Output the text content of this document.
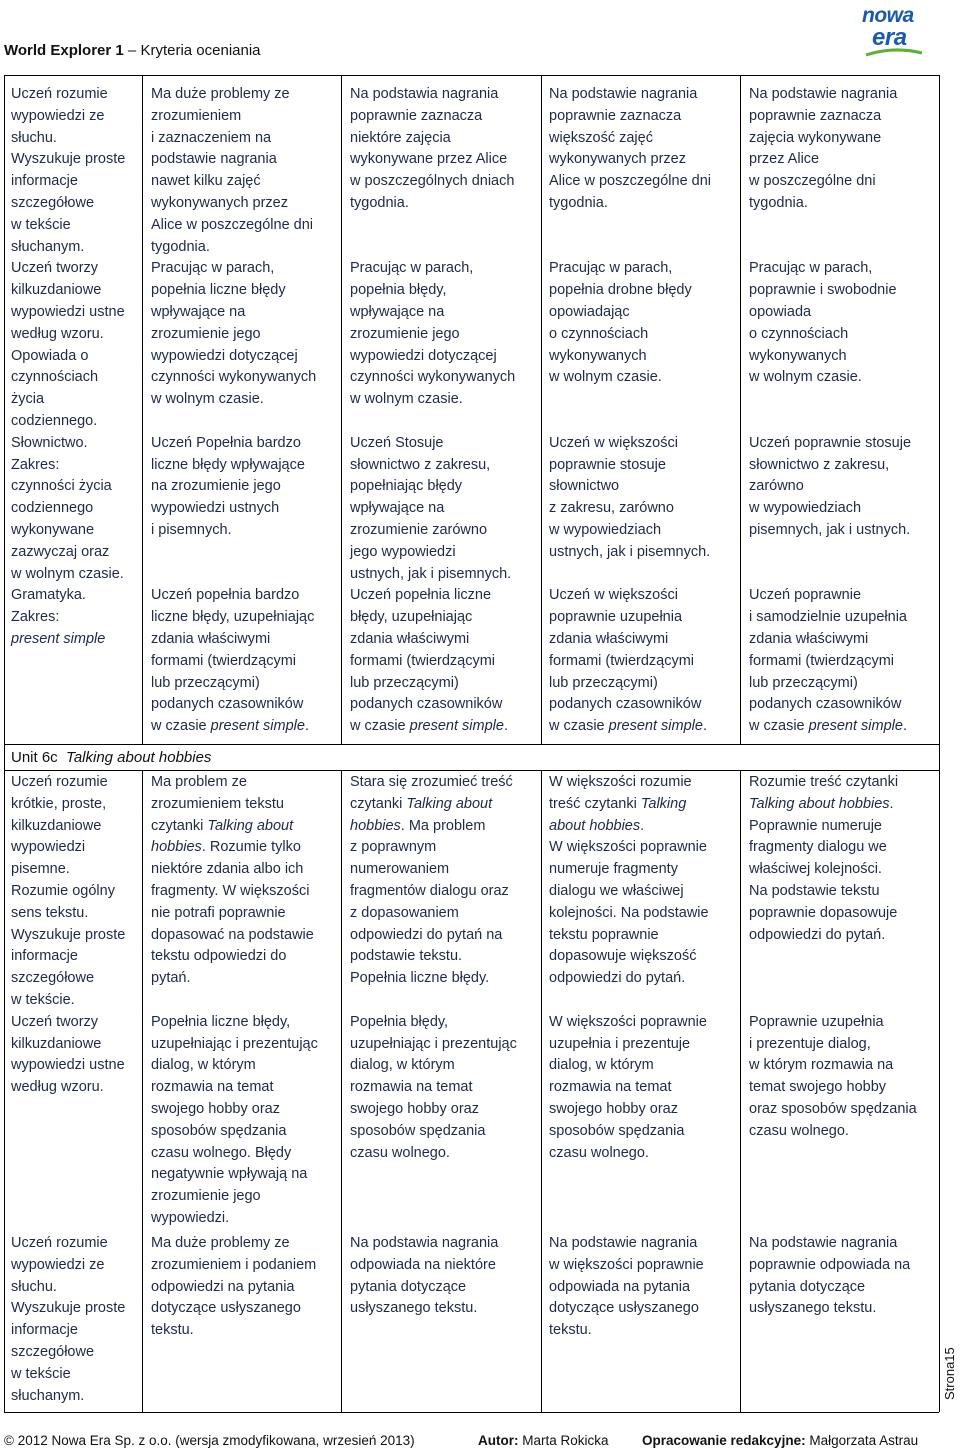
World Explorer 1 – Kryteria oceniania
nowa
era
Uczeń rozumie
wypowiedzi ze
słuchu.
Wyszukuje proste
informacje
szczegółowe
w tekście
słuchanym.
Uczeń tworzy
kilkuzdaniowe
wypowiedzi ustne
według wzoru.
Opowiada o
czynnościach
życia
codziennego.
Słownictwo.
Zakres:
czynności życia
codziennego
wykonywane
zazwyczaj oraz
w wolnym czasie.
Gramatyka.
Zakres:
present simple
Ma duże problemy ze
zrozumieniem
i zaznaczeniem na
podstawie nagrania
nawet kilku zajęć
wykonywanych przez
Alice w poszczególne dni
tygodnia.
Pracując w parach,
popełnia liczne błędy
wpływające na
zrozumienie jego
wypowiedzi dotyczącej
czynności wykonywanych
w wolnym czasie.

Uczeń Popełnia bardzo
liczne błędy wpływające
na zrozumienie jego
wypowiedzi ustnych
i pisemnych.

Uczeń popełnia bardzo
liczne błędy, uzupełniając
zdania właściwymi
formami (twierdzącymi
lub przeczącymi)
podanych czasowników
w czasie present simple.
Na podstawia nagrania
poprawnie zaznacza
niektóre zajęcia
wykonywane przez Alice
w poszczególnych dniach
tygodnia.

Pracując w parach,
popełnia błędy,
wpływające na
zrozumienie jego
wypowiedzi dotyczącej
czynności wykonywanych
w wolnym czasie.

Uczeń Stosuje
słownictwo z zakresu,
popełniając błędy
wpływające na
zrozumienie zarówno
jego wypowiedzi
ustnych, jak i pisemnych.
Uczeń popełnia liczne
błędy, uzupełniając
zdania właściwymi
formami (twierdzącymi
lub przeczącymi)
podanych czasowników
w czasie present simple.
Na podstawie nagrania
poprawnie zaznacza
większość zajęć
wykonywanych przez
Alice w poszczególne dni
tygodnia.

Pracując w parach,
popełnia drobne błędy
opowiadając
o czynnościach
wykonywanych
w wolnym czasie.

Uczeń w większości
poprawnie stosuje
słownictwo
z zakresu, zarówno
w wypowiedziach
ustnych, jak i pisemnych.

Uczeń w większości
poprawnie uzupełnia
zdania właściwymi
formami (twierdzącymi
lub przeczącymi)
podanych czasowników
w czasie present simple.
Na podstawie nagrania
poprawnie zaznacza
zajęcia wykonywane
przez Alice
w poszczególne dni
tygodnia.

Pracując w parach,
poprawnie i swobodnie
opowiada
o czynnościach
wykonywanych
w wolnym czasie.

Uczeń poprawnie stosuje
słownictwo z zakresu,
zarówno
w wypowiedziach
pisemnych, jak i ustnych.

Uczeń poprawnie
i samodzielnie uzupełnia
zdania właściwymi
formami (twierdzącymi
lub przeczącymi)
podanych czasowników
w czasie present simple.
Uczeń rozumie
krótkie, proste,
kilkuzdaniowe
wypowiedzi
pisemne.
Rozumie ogólny
sens tekstu.
Wyszukuje proste
informacje
szczegółowe
w tekście.
Uczeń tworzy
kilkuzdaniowe
wypowiedzi ustne
według wzoru.
Ma problem ze
zrozumieniem tekstu
czytanki Talking about
hobbies. Rozumie tylko
niektóre zdania albo ich
fragmenty. W większości
nie potrafi poprawnie
dopasować na podstawie
tekstu odpowiedzi do
pytań.

Popełnia liczne błędy,
uzupełniając i prezentując
dialog, w którym
rozmawia na temat
swojego hobby oraz
sposobów spędzania
czasu wolnego. Błędy
negatywnie wpływają na
zrozumienie jego
wypowiedzi.
Stara się zrozumieć treść
czytanki Talking about
hobbies. Ma problem
z poprawnym
numerowaniem
fragmentów dialogu oraz
z dopasowaniem
odpowiedzi do pytań na
podstawie tekstu.
Popełnia liczne błędy.

Popełnia błędy,
uzupełniając i prezentując
dialog, w którym
rozmawia na temat
swojego hobby oraz
sposobów spędzania
czasu wolnego.
W większości rozumie
treść czytanki Talking
about hobbies.
W większości poprawnie
numeruje fragmenty
dialogu we właściwej
kolejności. Na podstawie
tekstu poprawnie
dopasowuje większość
odpowiedzi do pytań.

W większości poprawnie
uzupełnia i prezentuje
dialog, w którym
rozmawia na temat
swojego hobby oraz
sposobów spędzania
czasu wolnego.
Rozumie treść czytanki
Talking about hobbies.
Poprawnie numeruje
fragmenty dialogu we
właściwej kolejności.
Na podstawie tekstu
poprawnie dopasowuje
odpowiedzi do pytań.

Poprawnie uzupełnia
i prezentuje dialog,
w którym rozmawia na
temat swojego hobby
oraz sposobów spędzania
czasu wolnego.
Uczeń rozumie
wypowiedzi ze
słuchu.
Wyszukuje proste
informacje
szczegółowe
w tekście
słuchanym.
Ma duże problemy ze
zrozumieniem i podaniem
odpowiedzi na pytania
dotyczące usłyszanego
tekstu.
Na podstawia nagrania
odpowiada na niektóre
pytania dotyczące
usłyszanego tekstu.
Na podstawie nagrania
w większości poprawnie
odpowiada na pytania
dotyczące usłyszanego
tekstu.
Na podstawie nagrania
poprawnie odpowiada na
pytania dotyczące
usłyszanego tekstu.
Unit 6c Talking about hobbies
Strona15
© 2012 Nowa Era Sp. z o.o. (wersja zmodyfikowana, wrzesień 2013)	Autor: Marta Rokicka Opracowanie redakcyjne: Małgorzata Astrau
